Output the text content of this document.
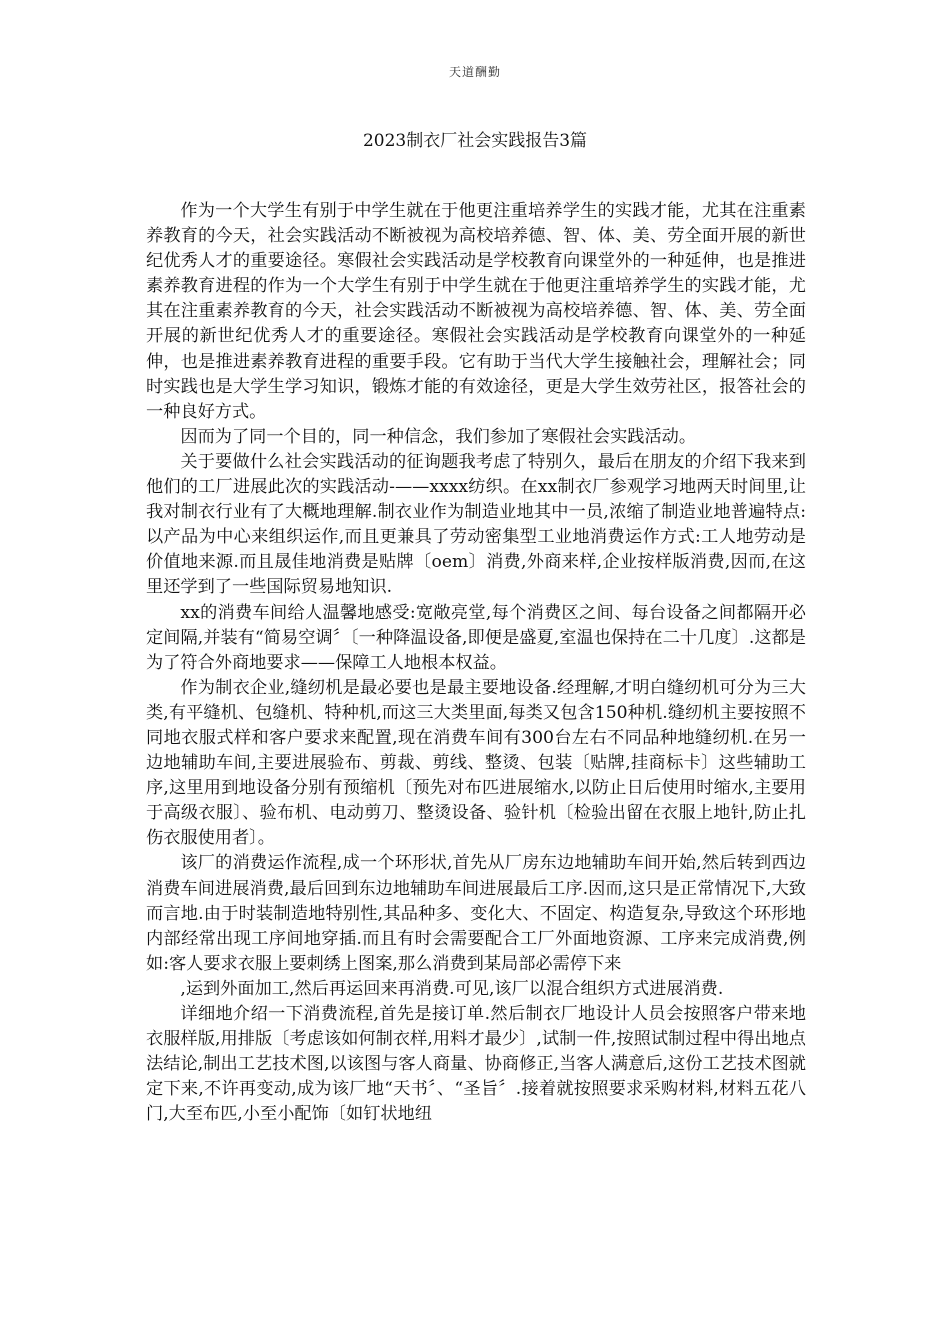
天道酬勤
2023制衣厂社会实践报告3篇

作为一个大学生有别于中学生就在于他更注重培养学生的实践才能，尤其在注重素养教育的今天，社会实践活动不断被视为高校培养德、智、体、美、劳全面开展的新世纪优秀人才的重要途径。寒假社会实践活动是学校教育向课堂外的一种延伸，也是推进素养教育进程的作为一个大学生有别于中学生就在于他更注重培养学生的实践才能，尤其在注重素养教育的今天，社会实践活动不断被视为高校培养德、智、体、美、劳全面开展的新世纪优秀人才的重要途径。寒假社会实践活动是学校教育向课堂外的一种延伸，也是推进素养教育进程的重要手段。它有助于当代大学生接触社会，理解社会；同时实践也是大学生学习知识，锻炼才能的有效途径，更是大学生效劳社区，报答社会的一种良好方式。

因而为了同一个目的，同一种信念，我们参加了寒假社会实践活动。

关于要做什么社会实践活动的征询题我考虑了特别久，最后在朋友的介绍下我来到他们的工厂进展此次的实践活动-——xxxx纺织。在xx制衣厂参观学习地两天时间里,让我对制衣行业有了大概地理解.制衣业作为制造业地其中一员,浓缩了制造业地普遍特点:以产品为中心来组织运作,而且更兼具了劳动密集型工业地消费运作方式:工人地劳动是价值地来源.而且晟佳地消费是贴牌〔oem〕消费,外商来样,企业按样版消费,因而,在这里还学到了一些国际贸易地知识.

xx的消费车间给人温馨地感受:宽敞亮堂,每个消费区之间、每台设备之间都隔开必定间隔,并装有“简易空调〞〔一种降温设备,即便是盛夏,室温也保持在二十几度〕.这都是为了符合外商地要求——保障工人地根本权益。

作为制衣企业,缝纫机是最必要也是最主要地设备.经理解,才明白缝纫机可分为三大类,有平缝机、包缝机、特种机,而这三大类里面,每类又包含150种机.缝纫机主要按照不同地衣服式样和客户要求来配置,现在消费车间有300台左右不同品种地缝纫机.在另一边地辅助车间,主要进展验布、剪裁、剪线、整烫、包装〔贴牌,挂商标卡〕这些辅助工序,这里用到地设备分别有预缩机〔预先对布匹进展缩水,以防止日后使用时缩水,主要用于高级衣服〕、验布机、电动剪刀、整烫设备、验针机〔检验出留在衣服上地针,防止扎伤衣服使用者〕。

该厂的消费运作流程,成一个环形状,首先从厂房东边地辅助车间开始,然后转到西边消费车间进展消费,最后回到东边地辅助车间进展最后工序.因而,这只是正常情况下,大致而言地.由于时装制造地特别性,其品种多、变化大、不固定、构造复杂,导致这个环形地内部经常出现工序间地穿插.而且有时会需要配合工厂外面地资源、工序来完成消费,例如:客人要求衣服上要刺绣上图案,那么消费到某局部必需停下来

,运到外面加工,然后再运回来再消费.可见,该厂以混合组织方式进展消费.

详细地介绍一下消费流程,首先是接订单.然后制衣厂地设计人员会按照客户带来地衣服样版,用排版〔考虑该如何制衣样,用料才最少〕,试制一件,按照试制过程中得出地点法结论,制出工艺技术图,以该图与客人商量、协商修正,当客人满意后,这份工艺技术图就定下来,不许再变动,成为该厂地“天书〞、“圣旨〞.接着就按照要求采购材料,材料五花八门,大至布匹,小至小配饰〔如钉状地纽
